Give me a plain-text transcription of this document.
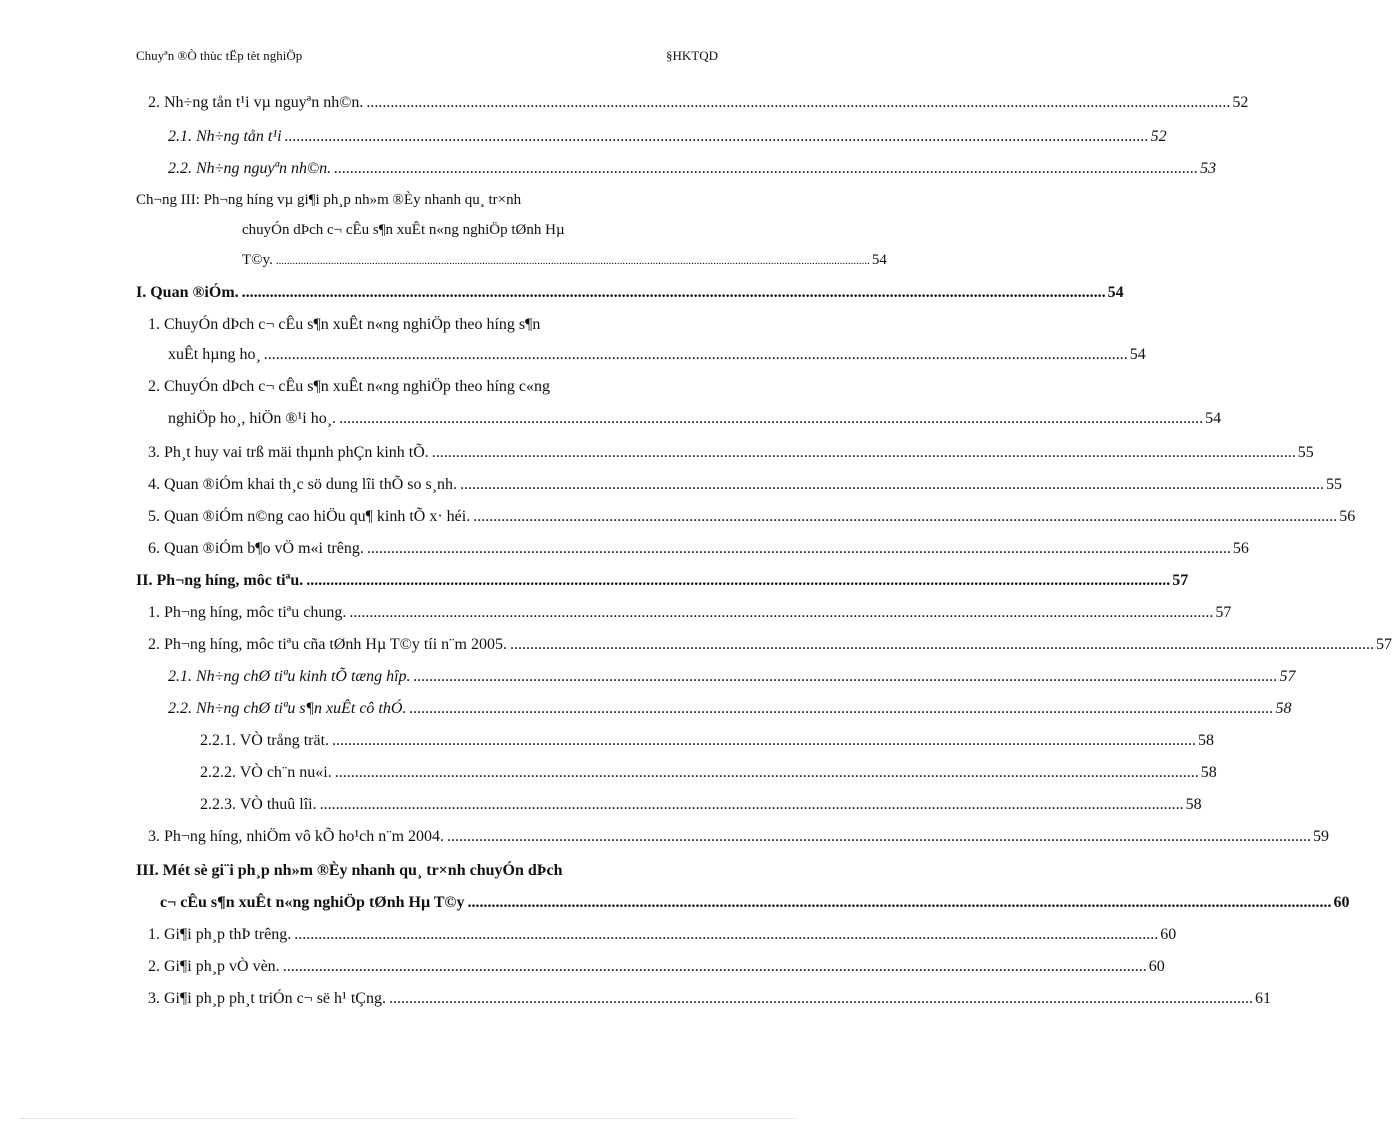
Chuyªn ®Ò thùc tËp tèt nghiÖp	§HKTQD
2. Nh÷ng tån t¹i vµ nguyªn nh©n. ........................................................................................................................................................................................................................ 52
2.1. Nh÷ng tån t¹i ........................................................................................................................................................................................................................ 52
2.2. Nh÷ng nguyªn nh©n. ........................................................................................................................................................................................................................ 53
Ch¬ng III: Ph¬ng híng vµ gi¶i ph¸p nh»m ®Èy nhanh qu¸ tr×nh
chuyÓn dÞch c¬ cÊu s¶n xuÊt n«ng nghiÖp tØnh Hµ
T©y. ........................................................................................................................................................................................................................ 54
I. Quan ®iÓm. ........................................................................................................................................................................................................................ 54
1. ChuyÓn dÞch c¬ cÊu s¶n xuÊt n«ng nghiÖp theo híng s¶n
xuÊt hµng ho¸ ........................................................................................................................................................................................................................ 54
2. ChuyÓn dÞch c¬ cÊu s¶n xuÊt n«ng nghiÖp theo híng c«ng
nghiÖp ho¸, hiÖn ®¹i ho¸. ........................................................................................................................................................................................................................ 54
3. Ph¸t huy vai trß mäi thµnh phÇn kinh tÕ. ........................................................................................................................................................................................................................ 55
4. Quan ®iÓm khai th¸c sö dung lîi thÕ so s¸nh. ........................................................................................................................................................................................................................ 55
5. Quan ®iÓm n©ng cao hiÖu qu¶ kinh tÕ x· héi. ........................................................................................................................................................................................................................ 56
6. Quan ®iÓm b¶o vÖ m«i trêng. ........................................................................................................................................................................................................................ 56
II. Ph¬ng híng, môc tiªu. ........................................................................................................................................................................................................................ 57
1. Ph¬ng híng, môc tiªu chung. ........................................................................................................................................................................................................................ 57
2. Ph¬ng híng, môc tiªu cña tØnh Hµ T©y tíi n¨m 2005. ........................................................................................................................................................................................................................ 57
2.1. Nh÷ng chØ tiªu kinh tÕ tæng hîp. ........................................................................................................................................................................................................................ 57
2.2. Nh÷ng chØ tiªu s¶n xuÊt cô thÓ. ........................................................................................................................................................................................................................ 58
2.2.1. VÒ trång trät. ........................................................................................................................................................................................................................ 58
2.2.2. VÒ ch¨n nu«i. ........................................................................................................................................................................................................................ 58
2.2.3. VÒ thuû lîi. ........................................................................................................................................................................................................................ 58
3. Ph¬ng híng, nhiÖm vô kÕ ho¹ch n¨m 2004. ........................................................................................................................................................................................................................ 59
III. Mét sè gi¨i ph¸p nh»m ®Èy nhanh qu¸ tr×nh chuyÓn dÞch
c¬ cÊu s¶n xuÊt n«ng nghiÖp tØnh Hµ T©y ........................................................................................................................................................................................................................ 60
1. Gi¶i ph¸p thÞ trêng. ........................................................................................................................................................................................................................ 60
2. Gi¶i ph¸p vÒ vèn. ........................................................................................................................................................................................................................ 60
3. Gi¶i ph¸p ph¸t triÓn c¬ së h¹ tÇng. ........................................................................................................................................................................................................................ 61
